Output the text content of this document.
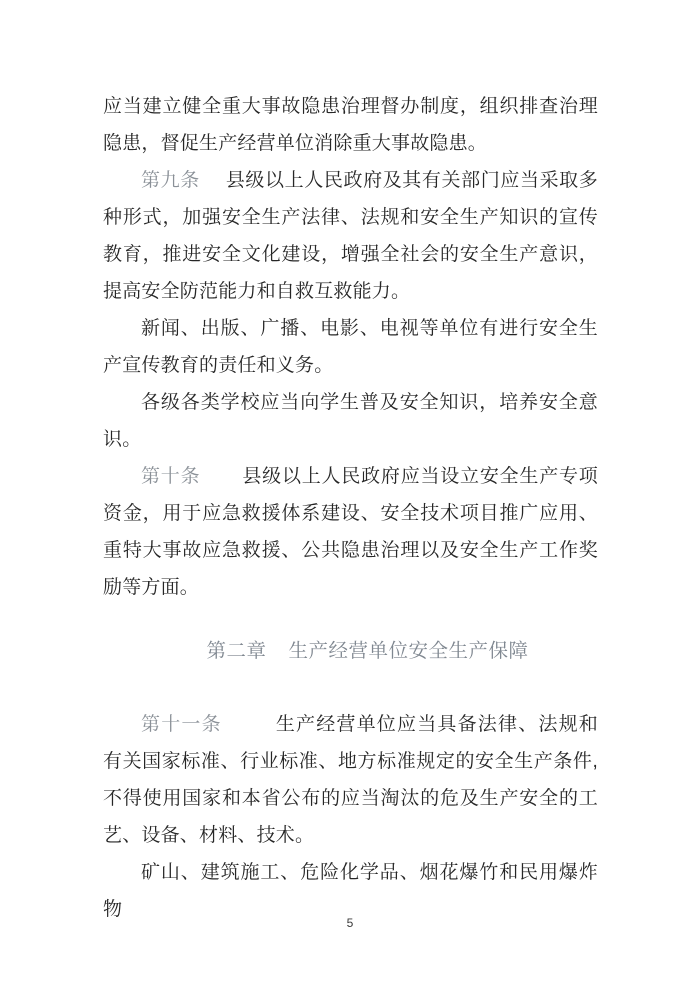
应当建立健全重大事故隐患治理督办制度，组织排查治理隐患，督促生产经营单位消除重大事故隐患。

第九条 县级以上人民政府及其有关部门应当采取多种形式，加强安全生产法律、法规和安全生产知识的宣传教育，推进安全文化建设，增强全社会的安全生产意识，提高安全防范能力和自救互救能力。

新闻、出版、广播、电影、电视等单位有进行安全生产宣传教育的责任和义务。

各级各类学校应当向学生普及安全知识，培养安全意识。

第十条 县级以上人民政府应当设立安全生产专项资金，用于应急救援体系建设、安全技术项目推广应用、重特大事故应急救援、公共隐患治理以及安全生产工作奖励等方面。

第二章 生产经营单位安全生产保障

第十一条	生产经营单位应当具备法律、法规和有关国家标准、行业标准、地方标准规定的安全生产条件,不得使用国家和本省公布的应当淘汰的危及生产安全的工艺、设备、材料、技术。

矿山、建筑施工、危险化学品、烟花爆竹和民用爆炸物

5
